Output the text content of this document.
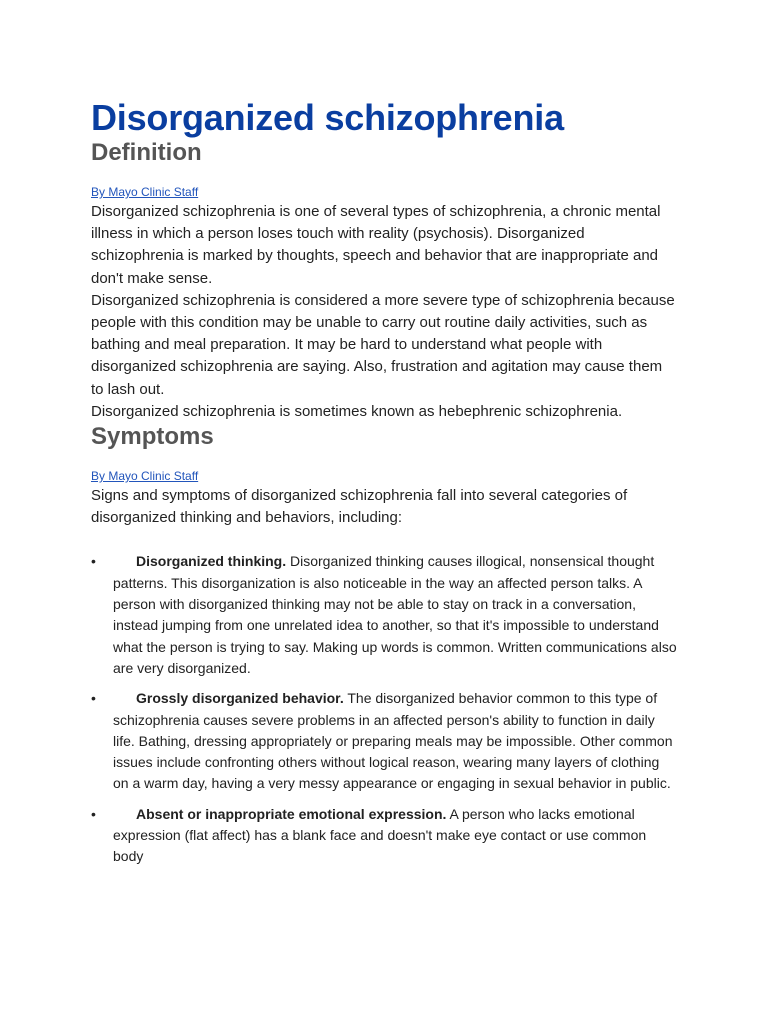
Disorganized schizophrenia
Definition
By Mayo Clinic Staff

Disorganized schizophrenia is one of several types of schizophrenia, a chronic mental illness in which a person loses touch with reality (psychosis). Disorganized schizophrenia is marked by thoughts, speech and behavior that are inappropriate and don't make sense.

Disorganized schizophrenia is considered a more severe type of schizophrenia because people with this condition may be unable to carry out routine daily activities, such as bathing and meal preparation. It may be hard to understand what people with disorganized schizophrenia are saying. Also, frustration and agitation may cause them to lash out.

Disorganized schizophrenia is sometimes known as hebephrenic schizophrenia.

Symptoms
By Mayo Clinic Staff

Signs and symptoms of disorganized schizophrenia fall into several categories of disorganized thinking and behaviors, including:

•	Disorganized thinking. Disorganized thinking causes illogical, nonsensical thought patterns. This disorganization is also noticeable in the way an affected person talks. A person with disorganized thinking may not be able to stay on track in a conversation, instead jumping from one unrelated idea to another, so that it's impossible to understand what the person is trying to say. Making up words is common. Written communications also are very disorganized.
•	Grossly disorganized behavior. The disorganized behavior common to this type of schizophrenia causes severe problems in an affected person's ability to function in daily life. Bathing, dressing appropriately or preparing meals may be impossible. Other common issues include confronting others without logical reason, wearing many layers of clothing on a warm day, having a very messy appearance or engaging in sexual behavior in public.
•	Absent or inappropriate emotional expression. A person who lacks emotional expression (flat affect) has a blank face and doesn't make eye contact or use common body
